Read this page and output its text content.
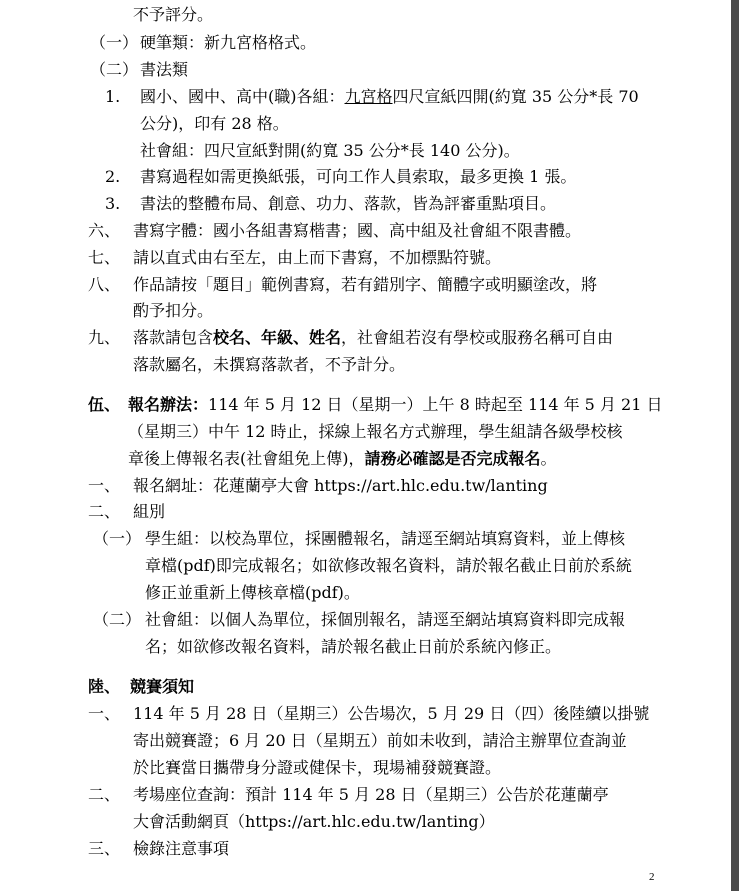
不予評分。
（一） 硬筆類：新九宮格格式。
（二） 書法類
1. 國小、國中、高中(職)各組：九宮格四尺宣紙四開(約寬 35 公分*長 70
公分)，印有 28 格。
社會組：四尺宣紙對開(約寬 35 公分*長 140 公分)。
2. 書寫過程如需更換紙張，可向工作人員索取，最多更換 1 張。
3. 書法的整體布局、創意、功力、落款，皆為評審重點項目。
六、 書寫字體：國小各組書寫楷書；國、高中組及社會組不限書體。
七、 請以直式由右至左，由上而下書寫，不加標點符號。
八、 作品請按「題目」範例書寫，若有錯別字、簡體字或明顯塗改，將
酌予扣分。
九、 落款請包含校名、年級、姓名，社會組若沒有學校或服務名稱可自由
落款屬名，未撰寫落款者，不予計分。
伍、 報名辦法：114 年 5 月 12 日（星期一）上午 8 時起至 114 年 5 月 21 日
（星期三）中午 12 時止，採線上報名方式辦理，學生組請各級學校核
章後上傳報名表(社會組免上傳)，請務必確認是否完成報名。
一、 報名網址：花蓮蘭亭大會 https://art.hlc.edu.tw/lanting
二、 組別
（一） 學生組：以校為單位，採團體報名，請逕至網站填寫資料，並上傳核
章檔(pdf)即完成報名；如欲修改報名資料，請於報名截止日前於系統
修正並重新上傳核章檔(pdf)。
（二） 社會組：以個人為單位，採個別報名，請逕至網站填寫資料即完成報
名；如欲修改報名資料，請於報名截止日前於系統內修正。
陸、 競賽須知
一、 114 年 5 月 28 日（星期三）公告場次，5 月 29 日（四）後陸續以掛號
寄出競賽證；6 月 20 日（星期五）前如未收到，請洽主辦單位查詢並
於比賽當日攜帶身分證或健保卡，現場補發競賽證。
二、 考場座位查詢：預計 114 年 5 月 28 日（星期三）公告於花蓮蘭亭
大會活動網頁（https://art.hlc.edu.tw/lanting）
三、 檢錄注意事項
2
